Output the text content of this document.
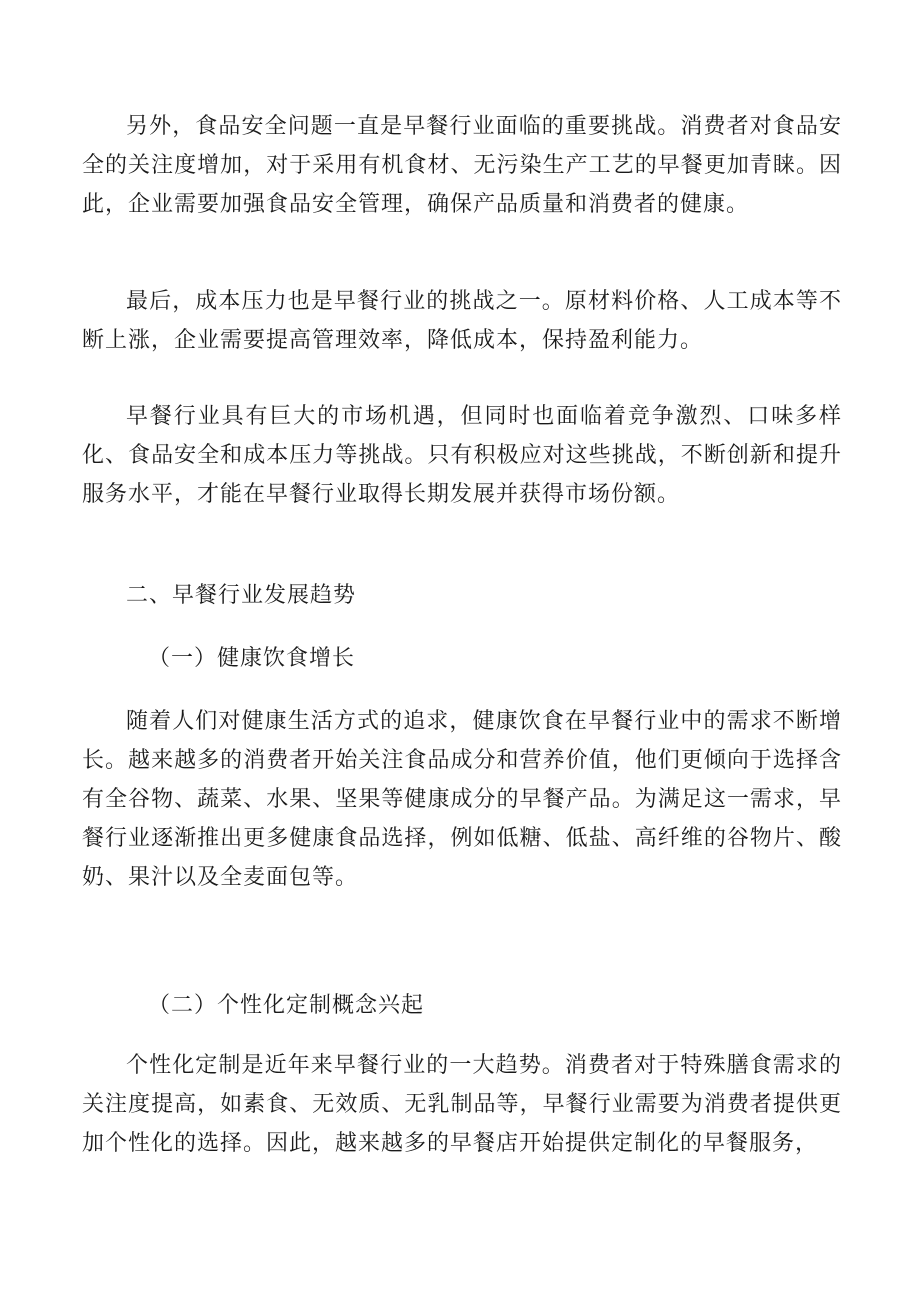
另外，食品安全问题一直是早餐行业面临的重要挑战。消费者对食品安全的关注度增加，对于采用有机食材、无污染生产工艺的早餐更加青睐。因此，企业需要加强食品安全管理，确保产品质量和消费者的健康。

最后，成本压力也是早餐行业的挑战之一。原材料价格、人工成本等不断上涨，企业需要提高管理效率，降低成本，保持盈利能力。

早餐行业具有巨大的市场机遇，但同时也面临着竞争激烈、口味多样化、食品安全和成本压力等挑战。只有积极应对这些挑战，不断创新和提升服务水平，才能在早餐行业取得长期发展并获得市场份额。

二、早餐行业发展趋势
（一）健康饮食增长

随着人们对健康生活方式的追求，健康饮食在早餐行业中的需求不断增长。越来越多的消费者开始关注食品成分和营养价值，他们更倾向于选择含有全谷物、蔬菜、水果、坚果等健康成分的早餐产品。为满足这一需求，早餐行业逐渐推出更多健康食品选择，例如低糖、低盐、高纤维的谷物片、酸奶、果汁以及全麦面包等。

（二）个性化定制概念兴起

个性化定制是近年来早餐行业的一大趋势。消费者对于特殊膳食需求的关注度提高，如素食、无效质、无乳制品等，早餐行业需要为消费者提供更加个性化的选择。因此，越来越多的早餐店开始提供定制化的早餐服务，
